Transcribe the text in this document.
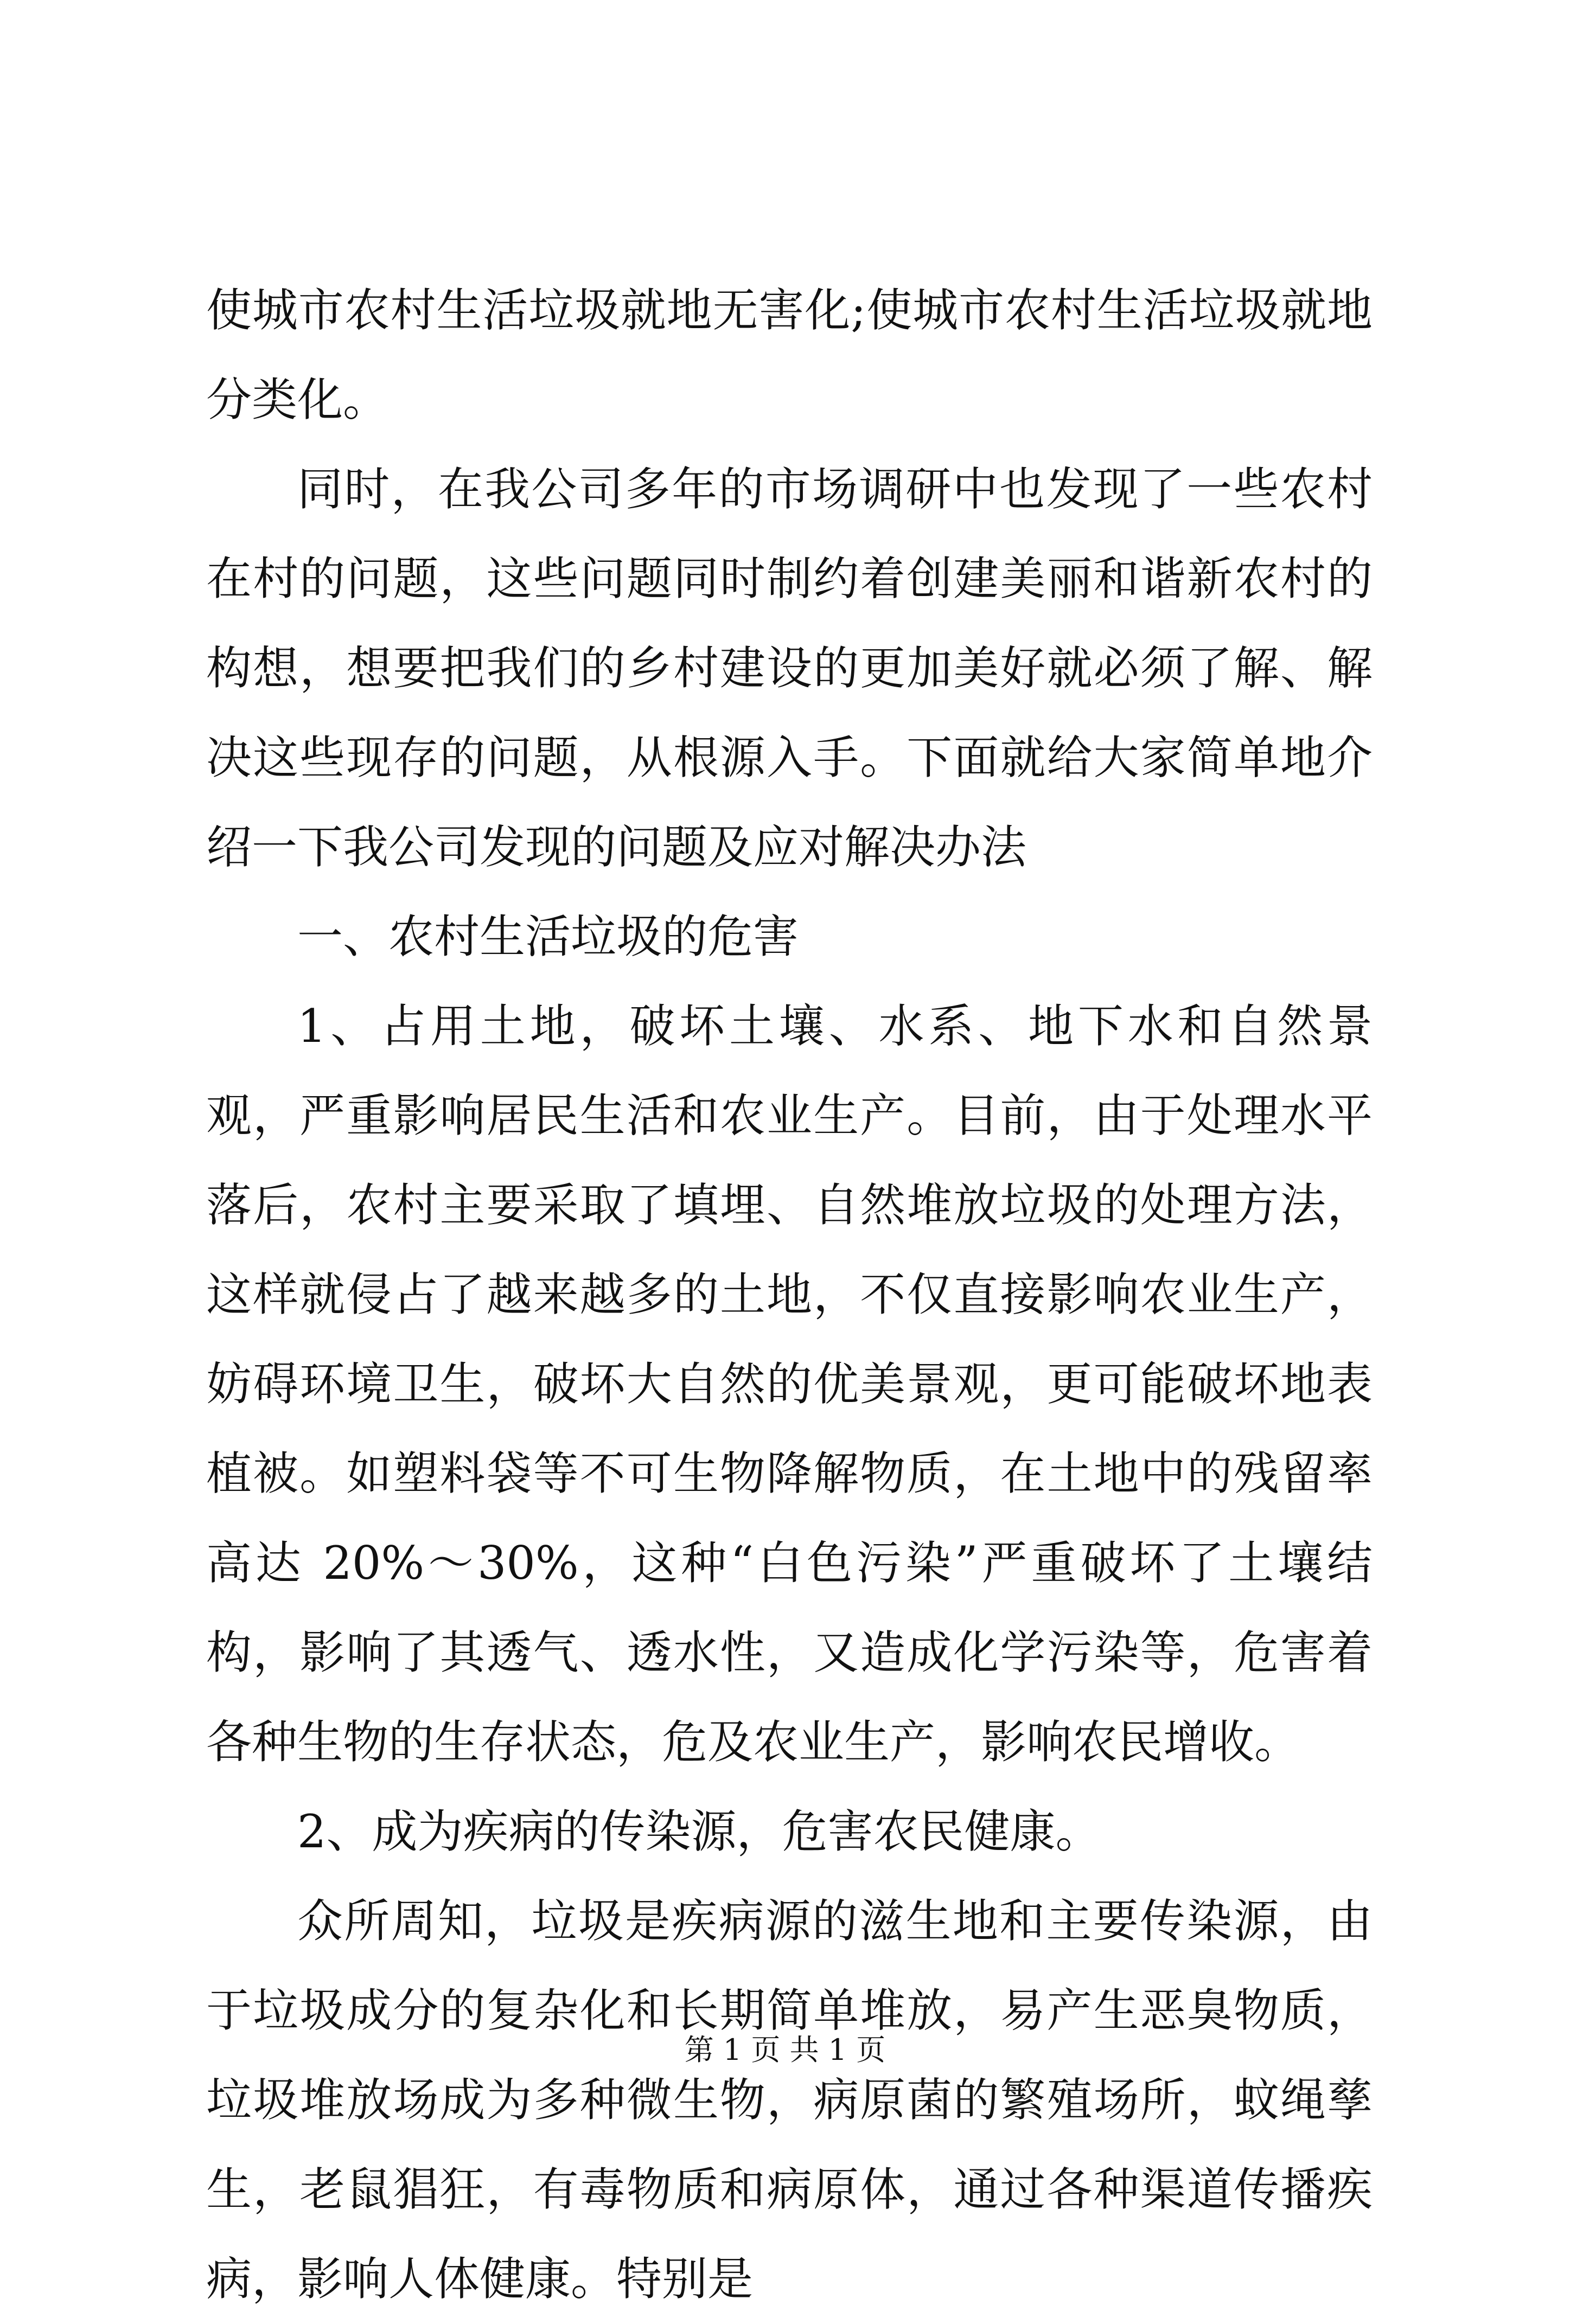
使城市农村生活垃圾就地无害化;使城市农村生活垃圾就地分类化。

同时，在我公司多年的市场调研中也发现了一些农村在村的问题，这些问题同时制约着创建美丽和谐新农村的构想，想要把我们的乡村建设的更加美好就必须了解、解决这些现存的问题，从根源入手。下面就给大家简单地介绍一下我公司发现的问题及应对解决办法

一、农村生活垃圾的危害

1、占用土地，破坏土壤、水系、地下水和自然景观，严重影响居民生活和农业生产。目前，由于处理水平落后，农村主要采取了填埋、自然堆放垃圾的处理方法，这样就侵占了越来越多的土地，不仅直接影响农业生产，妨碍环境卫生，破坏大自然的优美景观，更可能破坏地表植被。如塑料袋等不可生物降解物质，在土地中的残留率高达 20%～30%，这种“白色污染”严重破坏了土壤结构，影响了其透气、透水性，又造成化学污染等，危害着各种生物的生存状态，危及农业生产，影响农民增收。

2、成为疾病的传染源，危害农民健康。

众所周知，垃圾是疾病源的滋生地和主要传染源，由于垃圾成分的复杂化和长期简单堆放，易产生恶臭物质，垃圾堆放场成为多种微生物，病原菌的繁殖场所，蚊绳孳生，老鼠猖狂，有毒物质和病原体，通过各种渠道传播疾病，影响人体健康。特别是

第 1 页 共 1 页
